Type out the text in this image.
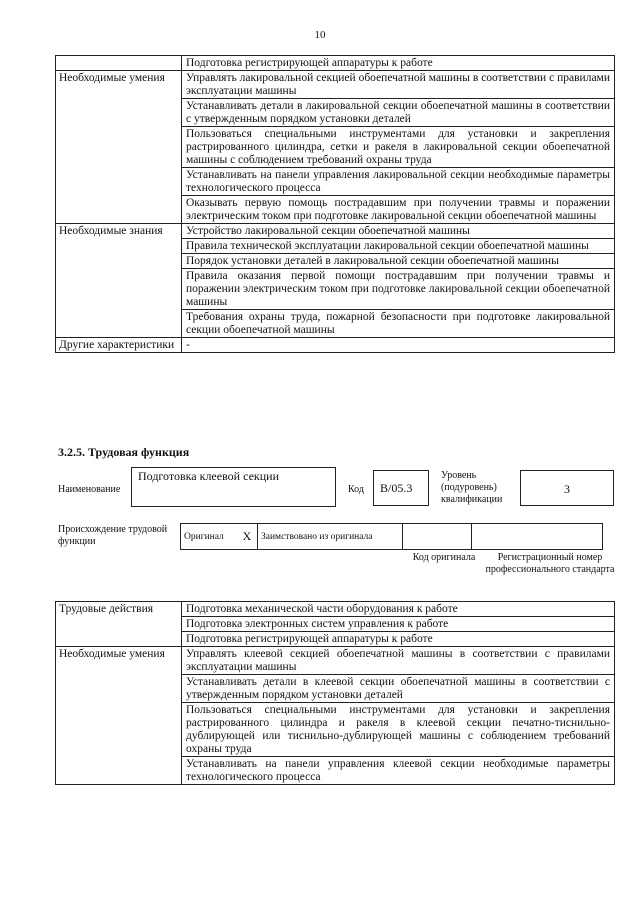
10
	Подготовка регистрирующей аппаратуры к работе
Необходимые умения	Управлять лакировальной секцией обоепечатной машины в соответствии с правилами эксплуатации машины
	Устанавливать детали в лакировальной секции обоепечатной машины в соответствии с утвержденным порядком установки деталей
	Пользоваться специальными инструментами для установки и закрепления растрированного цилиндра, сетки и ракеля в лакировальной секции обоепечатной машины с соблюдением требований охраны труда
	Устанавливать на панели управления лакировальной секции необходимые параметры технологического процесса
	Оказывать первую помощь пострадавшим при получении травмы и поражении электрическим током при подготовке лакировальной секции обоепечатной машины
Необходимые знания	Устройство лакировальной секции обоепечатной машины
	Правила технической эксплуатации лакировальной секции обоепечатной машины
	Порядок установки деталей в лакировальной секции обоепечатной машины
	Правила оказания первой помощи пострадавшим при получении травмы и поражении электрическим током при подготовке лакировальной секции обоепечатной машины
	Требования охраны труда, пожарной безопасности при подготовке лакировальной секции обоепечатной машины
Другие характеристики	-
3.2.5. Трудовая функция
Наименование
Подготовка клеевой секции
Код B/05.3
Уровень (подуровень) квалификации
3
Происхождение трудовой функции	Оригинал	X	Заимствовано из оригинала		
Код оригинала	Регистрационный номер профессионального стандарта
Трудовые действия	Подготовка механической части оборудования к работе
	Подготовка электронных систем управления к работе
	Подготовка регистрирующей аппаратуры к работе
Необходимые умения	Управлять клеевой секцией обоепечатной машины в соответствии с правилами эксплуатации машины
	Устанавливать детали в клеевой секции обоепечатной машины в соответствии с утвержденным порядком установки деталей
	Пользоваться специальными инструментами для установки и закрепления растрированного цилиндра и ракеля в клеевой секции печатно-тиснильно-дублирующей или тиснильно-дублирующей машины с соблюдением требований охраны труда
	Устанавливать на панели управления клеевой секции необходимые параметры технологического процесса
